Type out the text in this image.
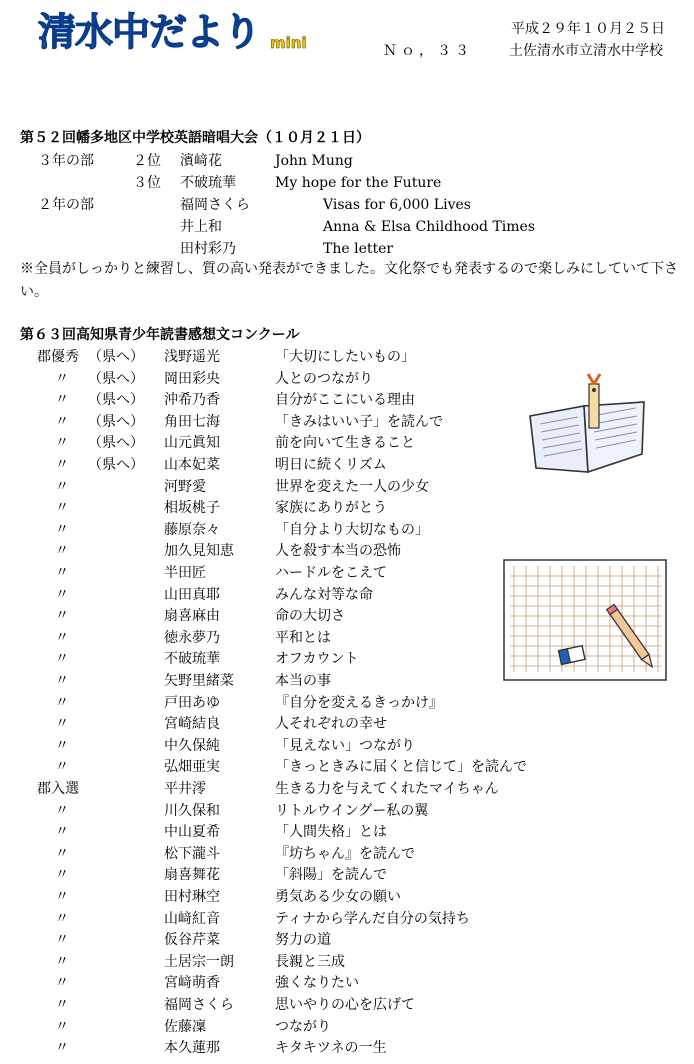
清水中だより mini
平成２９年１０月２５日
Ｎｏ，３３	土佐清水市立清水中学校
第５２回幡多地区中学校英語暗唱大会（１０月２１日）
３年の部	２位 濱﨑花	John Mung
３位 不破琉華	My hope for the Future
２年の部	福岡さくら	Visas for 6,000 Lives
井上和	Anna & Elsa Childhood Times
田村彩乃	The letter
※全員がしっかりと練習し、質の高い発表ができました。文化祭でも発表するので楽しみにしていて下さい。
第６３回高知県青少年読書感想文コンクール
郡優秀 （県へ） 浅野遥光	「大切にしたいもの」
〃 （県へ） 岡田彩央	人とのつながり
〃 （県へ） 沖希乃香	自分がここにいる理由
〃 （県へ） 角田七海	「きみはいい子」を読んで
〃 （県へ） 山元眞知	前を向いて生きること
〃 （県へ） 山本妃菜	明日に続くリズム
〃	河野愛	世界を変えた一人の少女
〃	相坂桃子	家族にありがとう
〃	藤原奈々	「自分より大切なもの」
〃	加久見知恵	人を殺す本当の恐怖
〃	半田匠	ハードルをこえて
〃	山田真耶	みんな対等な命
〃	扇喜麻由	命の大切さ
〃	徳永夢乃	平和とは
〃	不破琉華	オフカウント
〃	矢野里緒菜	本当の事
〃	戸田あゆ	『自分を変えるきっかけ』
〃	宮崎結良	人それぞれの幸せ
〃	中久保純	「見えない」つながり
〃	弘畑亜実	「きっときみに届くと信じて」を読んで
郡入選	平井澪	生きる力を与えてくれたマイちゃん
〃	川久保和	リトルウイングー私の翼
〃	中山夏希	「人間失格」とは
〃	松下瀧斗	『坊ちゃん』を読んで
〃	扇喜舞花	「斜陽」を読んで
〃	田村琳空	勇気ある少女の願い
〃	山﨑紅音	ティナから学んだ自分の気持ち
〃	仮谷芹菜	努力の道
〃	土居宗一朗	長親と三成
〃	宮﨑萌香	強くなりたい
〃	福岡さくら	思いやりの心を広げて
〃	佐藤凜	つながり
〃	本久蓮那	キタキツネの一生
